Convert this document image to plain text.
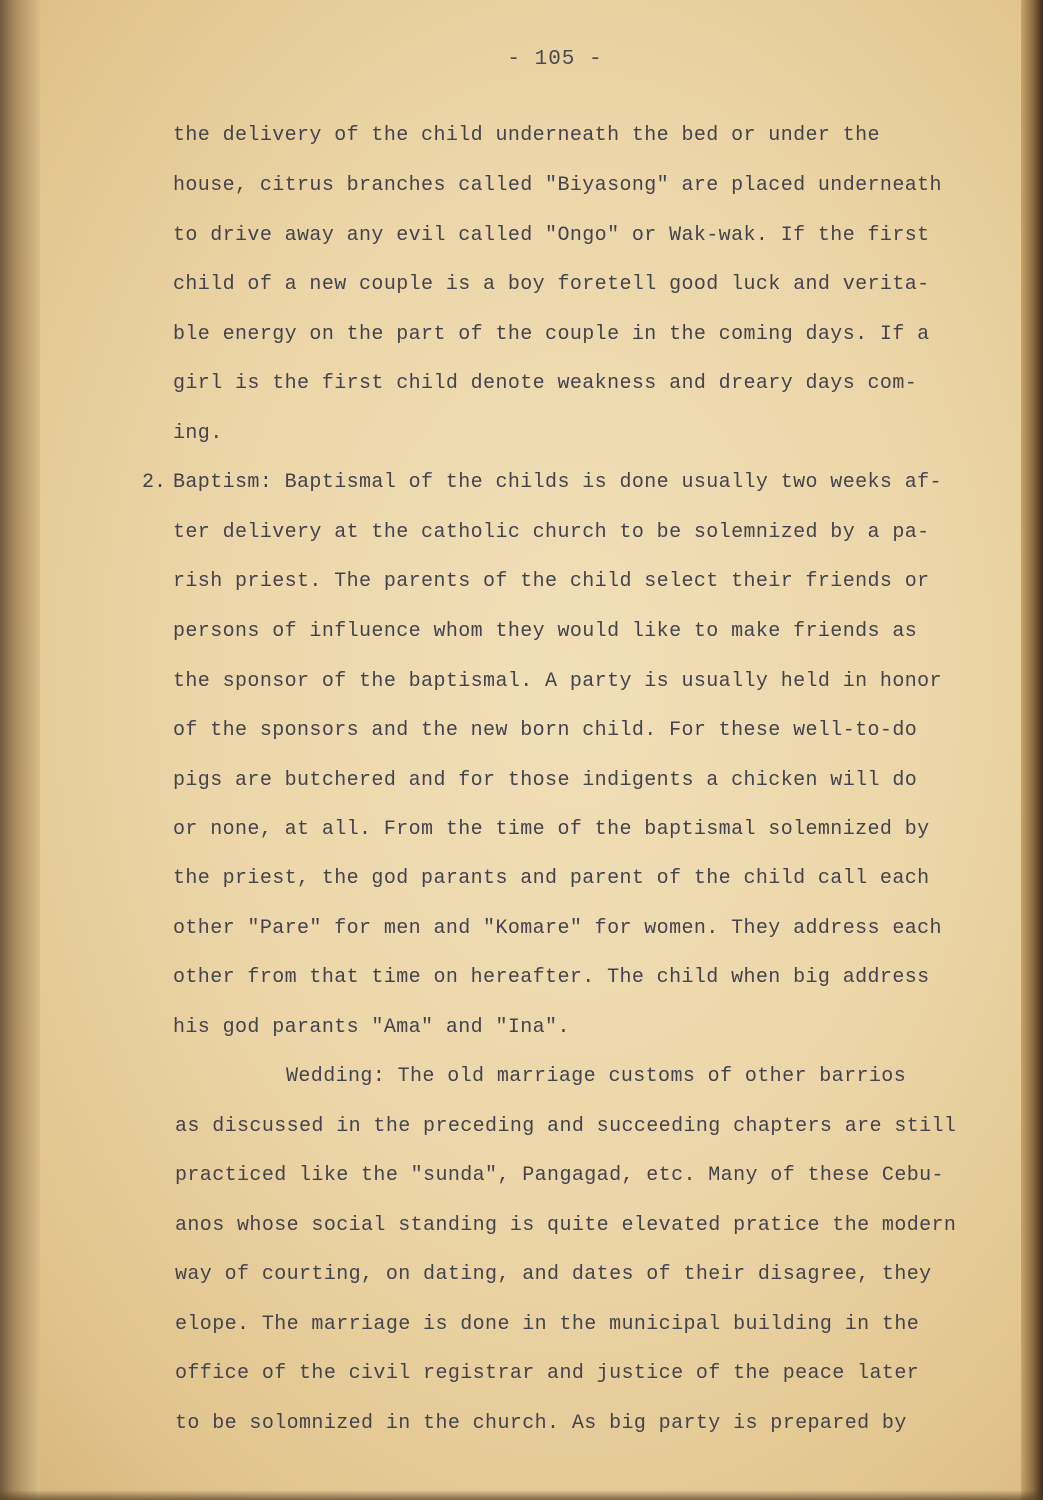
- 105 -
the delivery of the child underneath the bed or under the
house, citrus branches called "Biyasong" are placed underneath
to drive away any evil called "Ongo" or Wak-wak. If the first
child of a new couple is a boy foretell good luck and verita-
ble energy on the part of the couple in the coming days. If a
girl is the first child denote weakness and dreary days com-
ing.
2. Baptism: Baptismal of the childs is done usually two weeks af-
ter delivery at the catholic church to be solemnized by a pa-
rish priest. The parents of the child select their friends or
persons of influence whom they would like to make friends as
the sponsor of the baptismal. A party is usually held in honor
of the sponsors and the new born child. For these well-to-do
pigs are butchered and for those indigents a chicken will do
or none, at all. From the time of the baptismal solemnized by
the priest, the god parants and parent of the child call each
other "Pare" for men and "Komare" for women. They address each
other from that time on hereafter. The child when big address
his god parants "Ama" and "Ina".
Wedding: The old marriage customs of other barrios
as discussed in the preceding and succeeding chapters are still
practiced like the "sunda", Pangagad, etc. Many of these Cebu-
anos whose social standing is quite elevated pratice the modern
way of courting, on dating, and dates of their disagree, they
elope. The marriage is done in the municipal building in the
office of the civil registrar and justice of the peace later
to be solomnized in the church. As big party is prepared by
